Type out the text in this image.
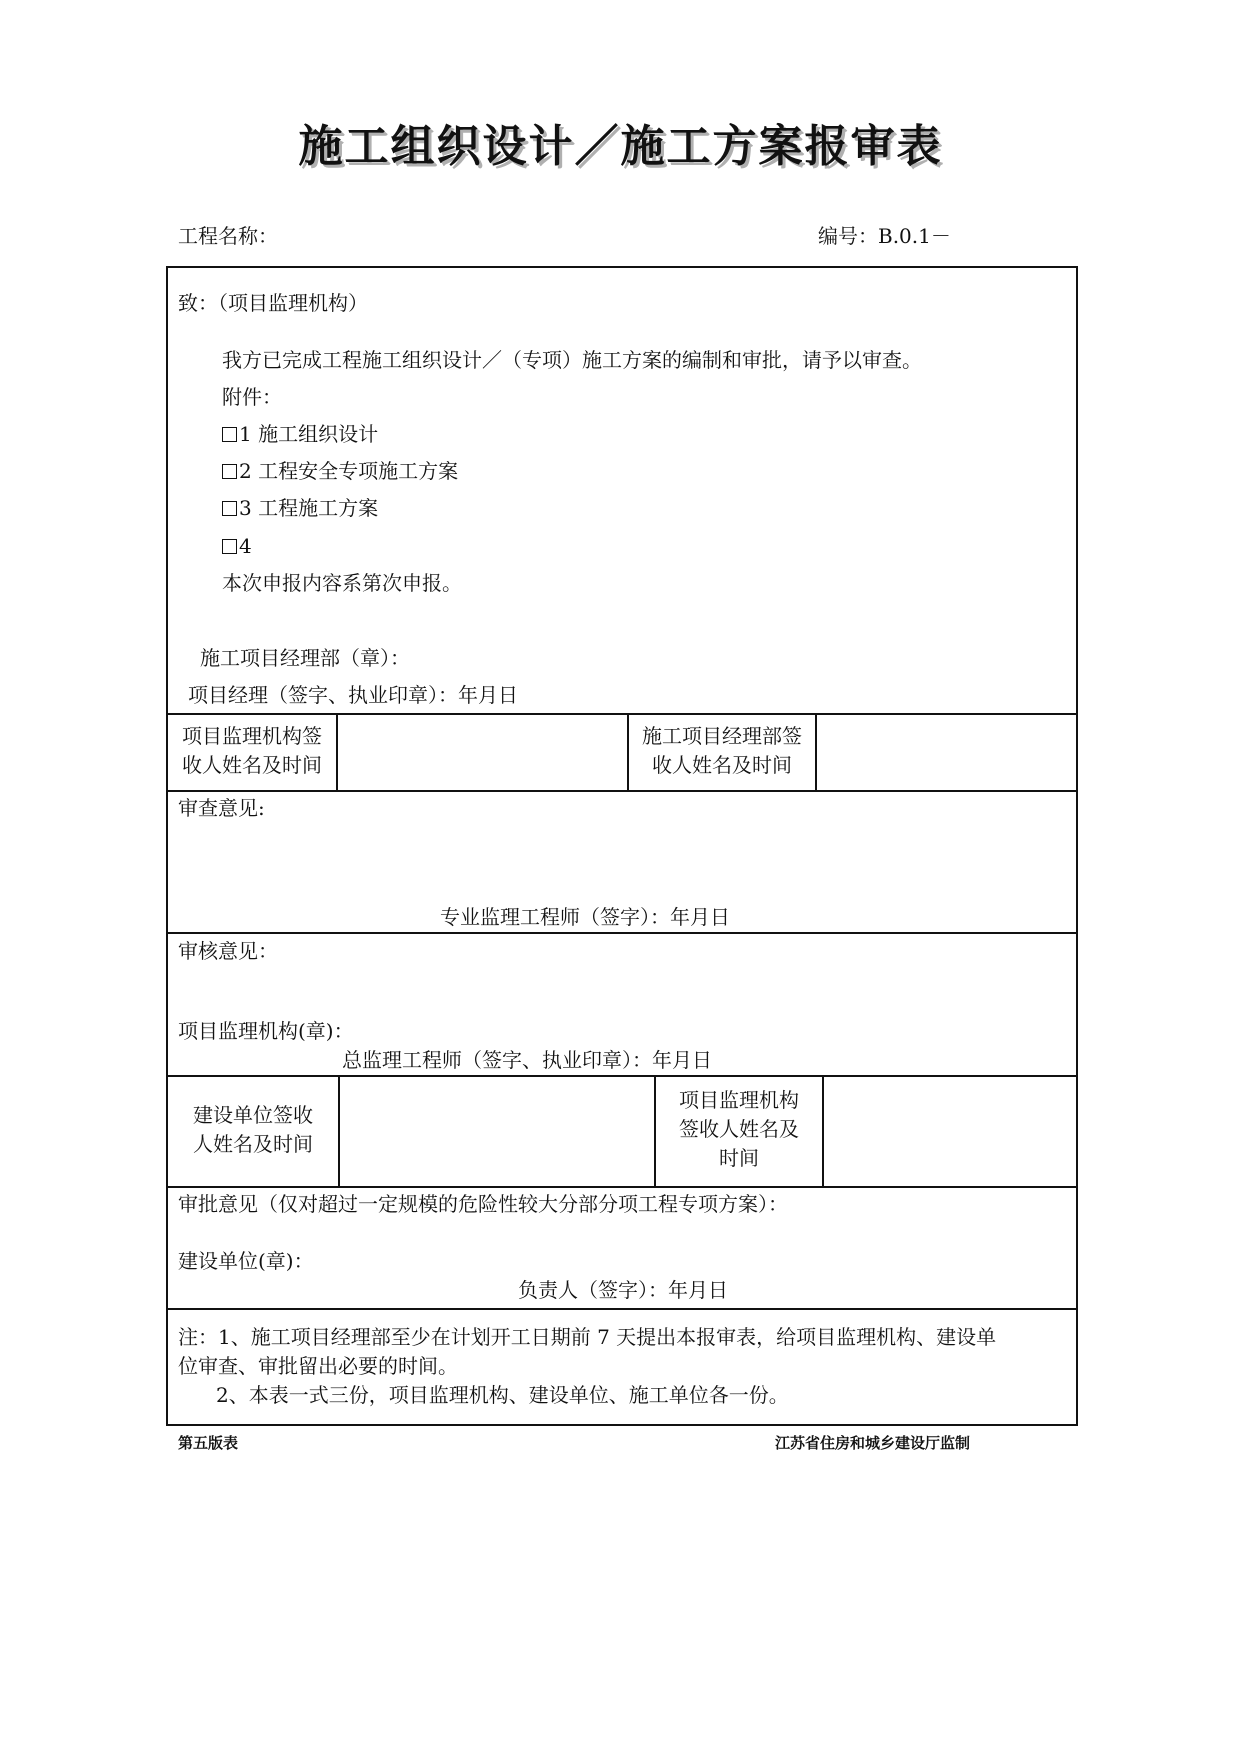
施工组织设计／施工方案报审表
工程名称：	编号：B.0.1－
致：（项目监理机构）
我方已完成工程施工组织设计／（专项）施工方案的编制和审批，请予以审查。
附件：
1 施工组织设计
2 工程安全专项施工方案
3 工程施工方案
4
本次申报内容系第次申报。
施工项目经理部（章）：
项目经理（签字、执业印章）：年月日
项目监理机构签
收人姓名及时间
施工项目经理部签
收人姓名及时间
审查意见:
专业监理工程师（签字）：年月日
审核意见：
项目监理机构(章)：
总监理工程师（签字、执业印章）：年月日
建设单位签收
人姓名及时间
项目监理机构
签收人姓名及
时间
审批意见（仅对超过一定规模的危险性较大分部分项工程专项方案）：
建设单位(章)：
负责人（签字）：年月日
注：1、施工项目经理部至少在计划开工日期前 7 天提出本报审表，给项目监理机构、建设单
位审查、审批留出必要的时间。
2、本表一式三份，项目监理机构、建设单位、施工单位各一份。
第五版表	江苏省住房和城乡建设厅监制
